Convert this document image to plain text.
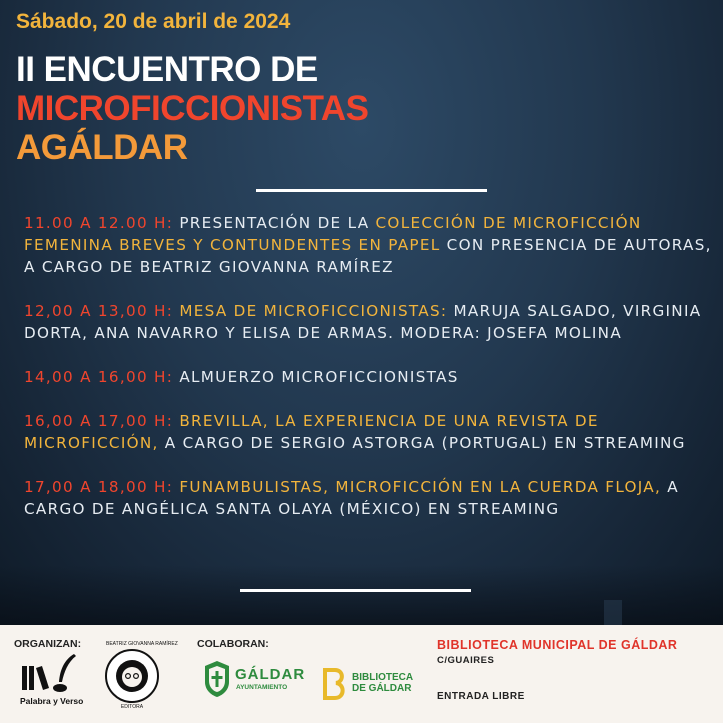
Sábado, 20 de abril de 2024
II ENCUENTRO DE
MICROFICCIONISTAS
AGÁLDAR
11.00 A 12.00 H: PRESENTACIÓN DE LA COLECCIÓN DE MICROFICCIÓN FEMENINA BREVES Y CONTUNDENTES EN PAPEL CON PRESENCIA DE AUTORAS, A CARGO DE BEATRIZ GIOVANNA RAMÍREZ
12,00 A 13,00 H: MESA DE MICROFICCIONISTAS: MARUJA SALGADO, VIRGINIA DORTA, ANA NAVARRO Y ELISA DE ARMAS. MODERA: JOSEFA MOLINA
14,00 A 16,00 H: ALMUERZO MICROFICCIONISTAS
16,00 A 17,00 H: BREVILLA, LA EXPERIENCIA DE UNA REVISTA DE MICROFICCIÓN, A CARGO DE SERGIO ASTORGA (PORTUGAL) EN STREAMING
17,00 A 18,00 H: FUNAMBULISTAS, MICROFICCIÓN EN LA CUERDA FLOJA, A CARGO DE ANGÉLICA SANTA OLAYA (MÉXICO) EN STREAMING
ORGANIZAN:	COLABORAN:
Palabra y Verso
BEATRIZ GIOVANNA RAMÍREZ
EDITORA
GÁLDAR
AYUNTAMIENTO
BIBLIOTECA
DE GÁLDAR
BIBLIOTECA MUNICIPAL DE GÁLDAR
C/GUAIRES
ENTRADA LIBRE
